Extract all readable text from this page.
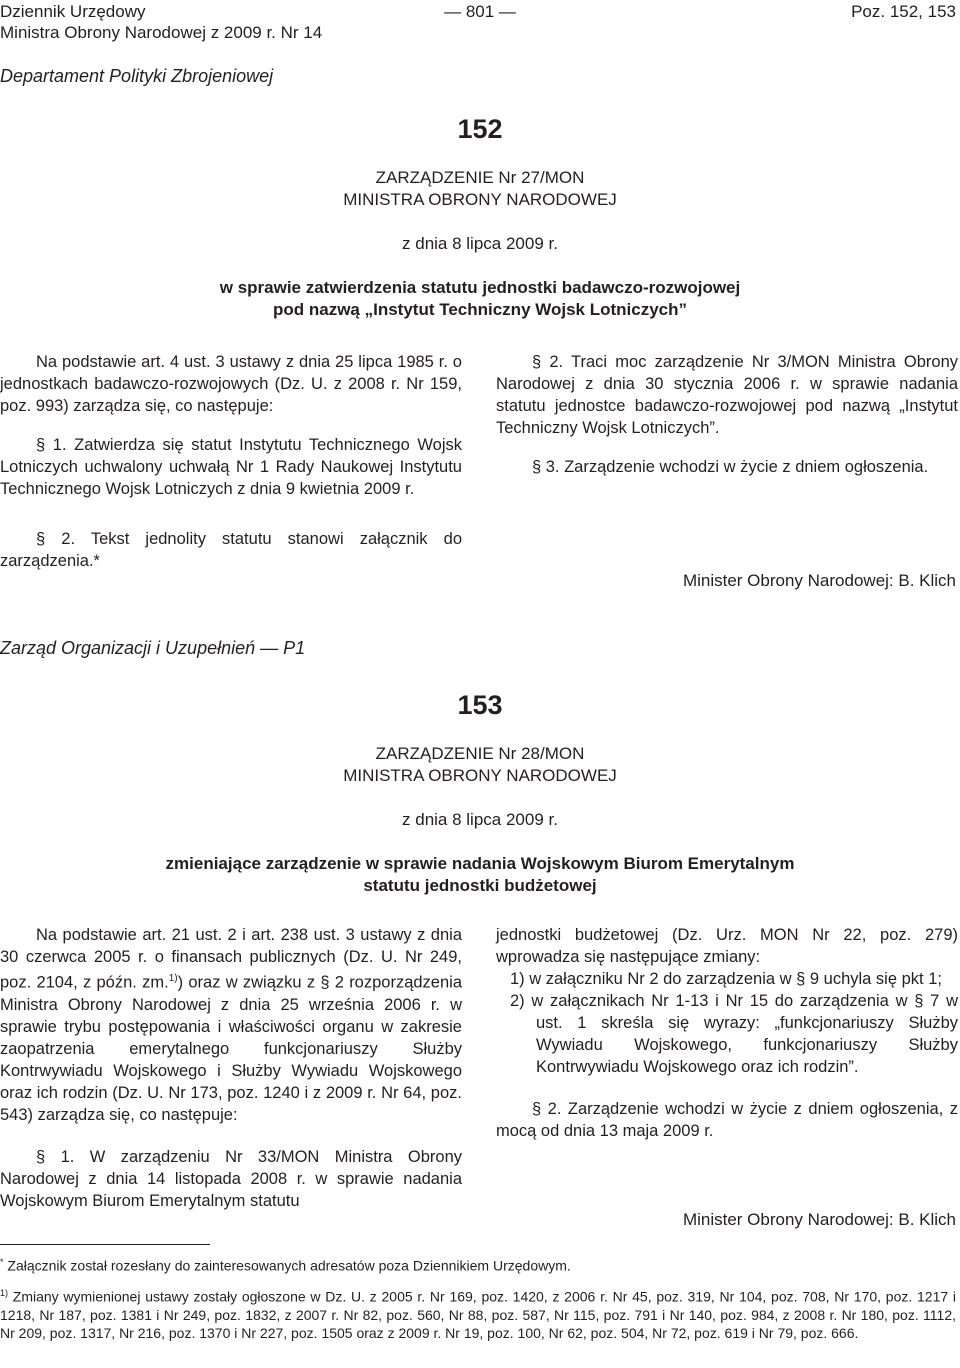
Dziennik Urzędowy
Ministra Obrony Narodowej z 2009 r. Nr 14
— 801 —	Poz. 152, 153
Departament Polityki Zbrojeniowej
152
ZARZĄDZENIE Nr 27/MON
MINISTRA OBRONY NARODOWEJ
z dnia 8 lipca 2009 r.
w sprawie zatwierdzenia statutu jednostki badawczo-rozwojowej
pod nazwą „Instytut Techniczny Wojsk Lotniczych”

Na podstawie art. 4 ust. 3 ustawy z dnia 25 lipca 1985 r. o jednostkach badawczo-rozwojowych (Dz. U. z 2008 r. Nr 159, poz. 993) zarządza się, co następuje:

§ 1. Zatwierdza się statut Instytutu Technicznego Wojsk Lotniczych uchwalony uchwałą Nr 1 Rady Naukowej Instytutu Technicznego Wojsk Lotniczych z dnia 9 kwietnia 2009 r.

§ 2. Tekst jednolity statutu stanowi załącznik do zarządzenia.*

§ 2. Traci moc zarządzenie Nr 3/MON Ministra Obrony Narodowej z dnia 30 stycznia 2006 r. w sprawie nadania statutu jednostce badawczo-rozwojowej pod nazwą „Instytut Techniczny Wojsk Lotniczych”.

§ 3. Zarządzenie wchodzi w życie z dniem ogłoszenia.

Minister Obrony Narodowej: B. Klich
Zarząd Organizacji i Uzupełnień — P1
153
ZARZĄDZENIE Nr 28/MON
MINISTRA OBRONY NARODOWEJ
z dnia 8 lipca 2009 r.
zmieniające zarządzenie w sprawie nadania Wojskowym Biurom Emerytalnym
statutu jednostki budżetowej

Na podstawie art. 21 ust. 2 i art. 238 ust. 3 ustawy z dnia 30 czerwca 2005 r. o finansach publicznych (Dz. U. Nr 249, poz. 2104, z późn. zm.$^{1)}$) oraz w związku z § 2 rozporządzenia Ministra Obrony Narodowej z dnia 25 września 2006 r. w sprawie trybu postępowania i właściwości organu w zakresie zaopatrzenia emerytalnego funkcjonariuszy Służby Kontrwywiadu Wojskowego i Służby Wywiadu Wojskowego oraz ich rodzin (Dz. U. Nr 173, poz. 1240 i z 2009 r. Nr 64, poz. 543) zarządza się, co następuje:

§ 1. W zarządzeniu Nr 33/MON Ministra Obrony Narodowej z dnia 14 listopada 2008 r. w sprawie nadania Wojskowym Biurom Emerytalnym statutu

jednostki budżetowej (Dz. Urz. MON Nr 22, poz. 279) wprowadza się następujące zmiany:

1) w załączniku Nr 2 do zarządzenia w § 9 uchyla się pkt 1;

2) w załącznikach Nr 1-13 i Nr 15 do zarządzenia w § 7 w ust. 1 skreśla się wyrazy: „funkcjonariuszy Służby Wywiadu Wojskowego, funkcjonariuszy Służby Kontrwywiadu Wojskowego oraz ich rodzin”.

§ 2. Zarządzenie wchodzi w życie z dniem ogłoszenia, z mocą od dnia 13 maja 2009 r.

Minister Obrony Narodowej: B. Klich
* Załącznik został rozesłany do zainteresowanych adresatów poza Dziennikiem Urzędowym.
$^{1)}$ Zmiany wymienionej ustawy zostały ogłoszone w Dz. U. z 2005 r. Nr 169, poz. 1420, z 2006 r. Nr 45, poz. 319, Nr 104, poz. 708, Nr 170, poz. 1217 i 1218, Nr 187, poz. 1381 i Nr 249, poz. 1832, z 2007 r. Nr 82, poz. 560, Nr 88, poz. 587, Nr 115, poz. 791 i Nr 140, poz. 984, z 2008 r. Nr 180, poz. 1112, Nr 209, poz. 1317, Nr 216, poz. 1370 i Nr 227, poz. 1505 oraz z 2009 r. Nr 19, poz. 100, Nr 62, poz. 504, Nr 72, poz. 619 i Nr 79, poz. 666.
